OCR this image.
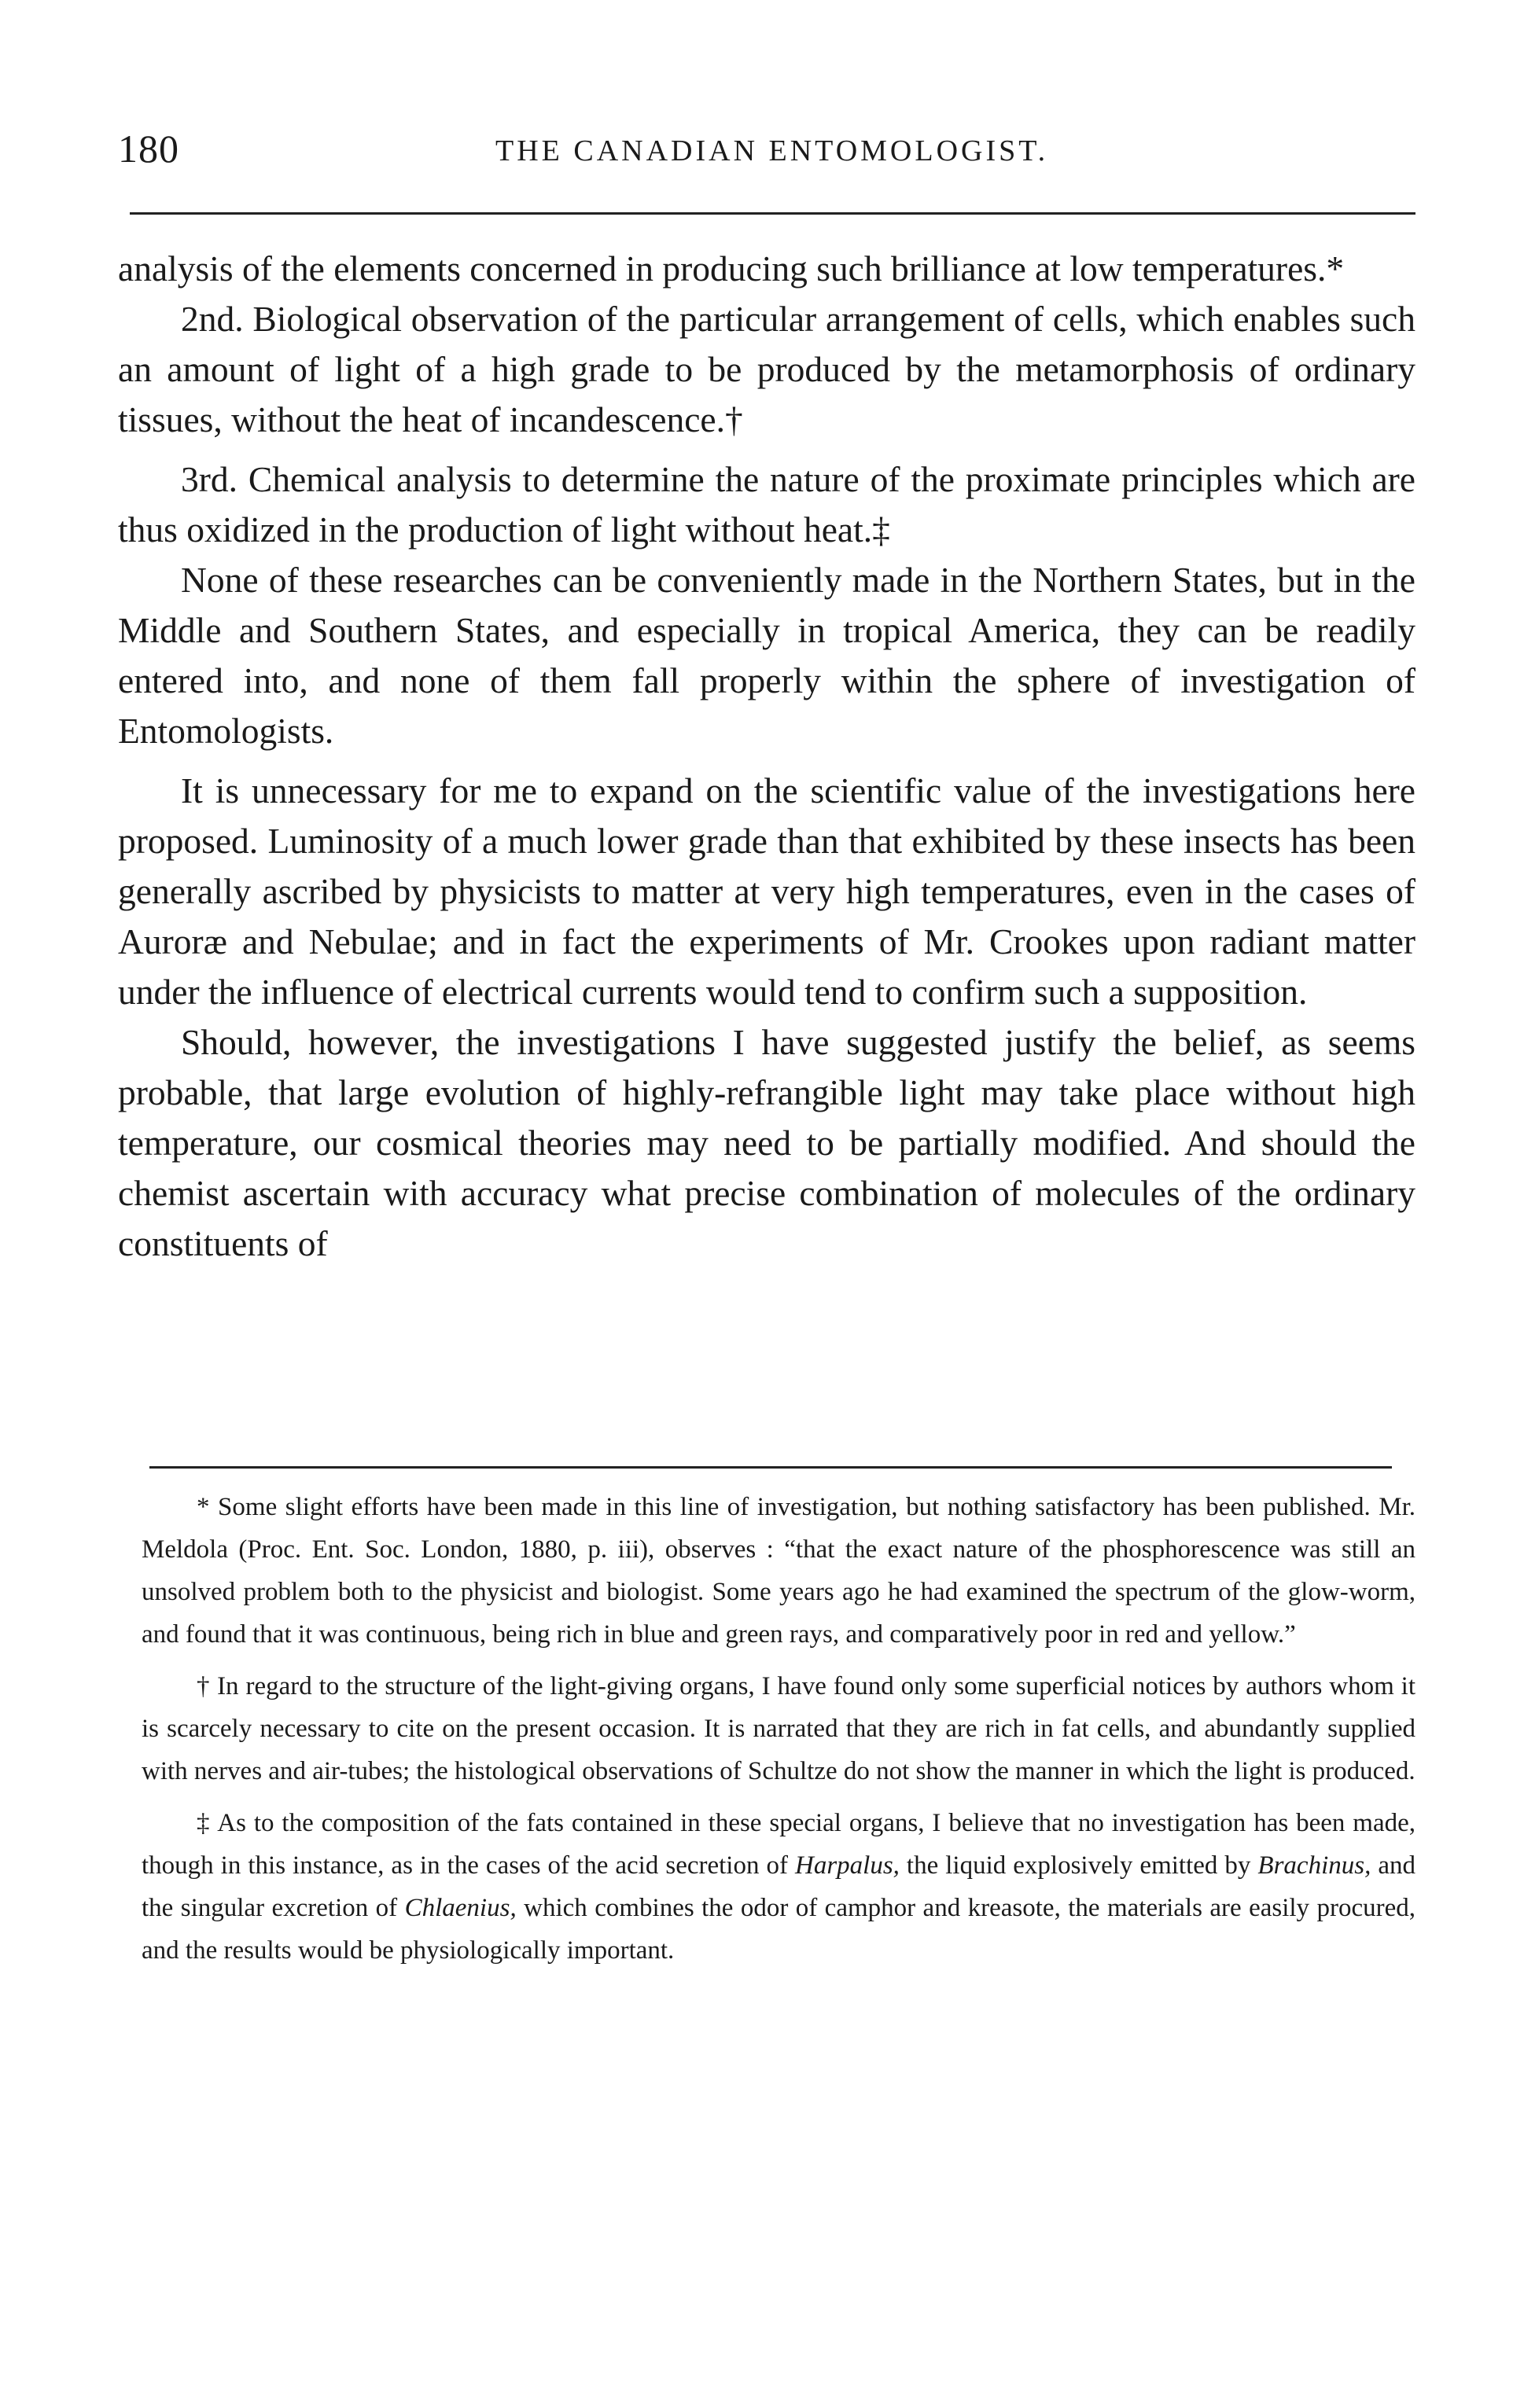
180	THE CANADIAN ENTOMOLOGIST.

analysis of the elements concerned in producing such brilliance at low temperatures.*

2nd. Biological observation of the particular arrangement of cells, which enables such an amount of light of a high grade to be produced by the metamorphosis of ordinary tissues, without the heat of incandescence.†

3rd. Chemical analysis to determine the nature of the proximate principles which are thus oxidized in the production of light without heat.‡

None of these researches can be conveniently made in the Northern States, but in the Middle and Southern States, and especially in tropical America, they can be readily entered into, and none of them fall properly within the sphere of investigation of Entomologists.

It is unnecessary for me to expand on the scientific value of the investigations here proposed. Luminosity of a much lower grade than that exhibited by these insects has been generally ascribed by physicists to matter at very high temperatures, even in the cases of Auroræ and Nebulae; and in fact the experiments of Mr. Crookes upon radiant matter under the influence of electrical currents would tend to confirm such a supposition.

Should, however, the investigations I have suggested justify the belief, as seems probable, that large evolution of highly-refrangible light may take place without high temperature, our cosmical theories may need to be partially modified. And should the chemist ascertain with accuracy what precise combination of molecules of the ordinary constituents of

* Some slight efforts have been made in this line of investigation, but nothing satisfactory has been published. Mr. Meldola (Proc. Ent. Soc. London, 1880, p. iii), observes : “that the exact nature of the phosphorescence was still an unsolved problem both to the physicist and biologist. Some years ago he had examined the spectrum of the glow-worm, and found that it was continuous, being rich in blue and green rays, and comparatively poor in red and yellow.”

† In regard to the structure of the light-giving organs, I have found only some superficial notices by authors whom it is scarcely necessary to cite on the present occasion. It is narrated that they are rich in fat cells, and abundantly supplied with nerves and air-tubes; the histological observations of Schultze do not show the manner in which the light is produced.

‡ As to the composition of the fats contained in these special organs, I believe that no investigation has been made, though in this instance, as in the cases of the acid secretion of Harpalus, the liquid explosively emitted by Brachinus, and the singular excretion of Chlaenius, which combines the odor of camphor and kreasote, the materials are easily procured, and the results would be physiologically important.
